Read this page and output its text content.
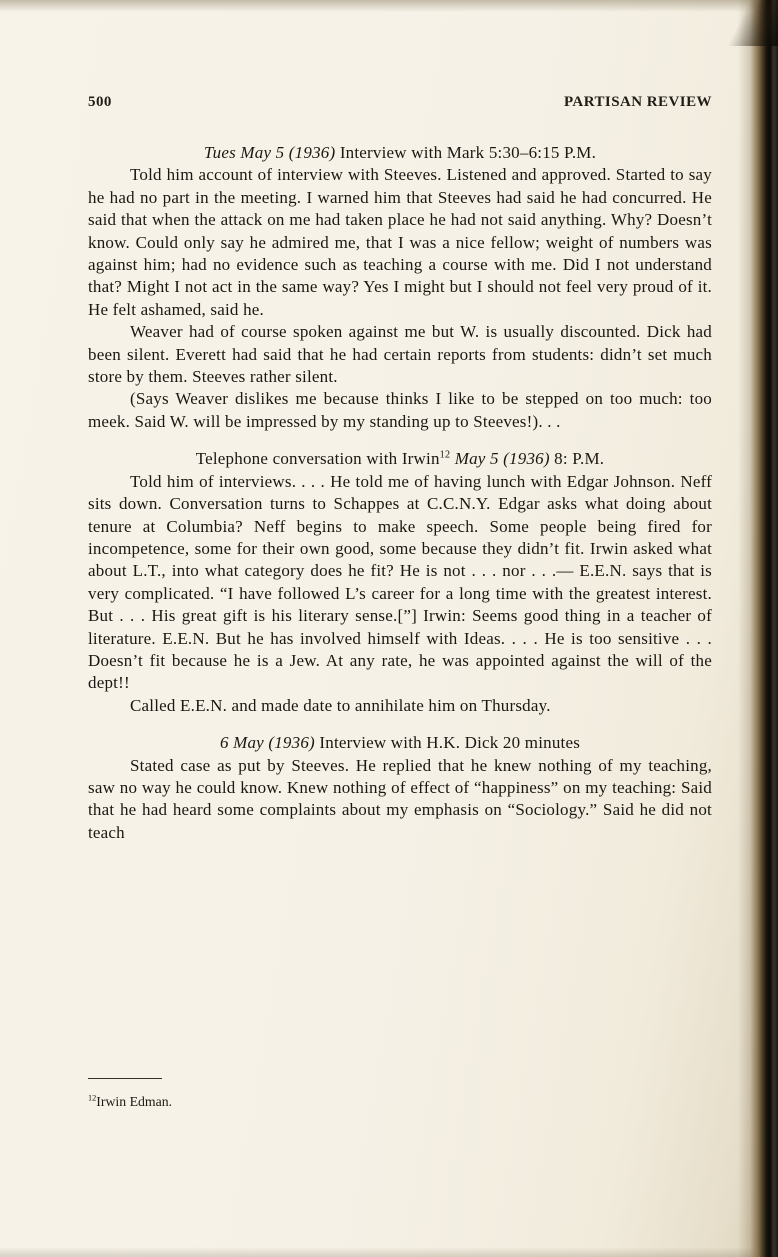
500	PARTISAN REVIEW

Tues May 5 (1936) Interview with Mark 5:30–6:15 P.M.

Told him account of interview with Steeves. Listened and approved. Started to say he had no part in the meeting. I warned him that Steeves had said he had concurred. He said that when the attack on me had taken place he had not said anything. Why? Doesn’t know. Could only say he admired me, that I was a nice fellow; weight of numbers was against him; had no evidence such as teaching a course with me. Did I not understand that? Might I not act in the same way? Yes I might but I should not feel very proud of it. He felt ashamed, said he.

Weaver had of course spoken against me but W. is usually discounted. Dick had been silent. Everett had said that he had certain reports from students: didn’t set much store by them. Steeves rather silent.

(Says Weaver dislikes me because thinks I like to be stepped on too much: too meek. Said W. will be impressed by my standing up to Steeves!). . .

Telephone conversation with Irwin$^{12}$ May 5 (1936) 8: P.M.

Told him of interviews. . . . He told me of having lunch with Edgar Johnson. Neff sits down. Conversation turns to Schappes at C.C.N.Y. Edgar asks what doing about tenure at Columbia? Neff begins to make speech. Some people being fired for incompetence, some for their own good, some because they didn’t fit. Irwin asked what about L.T., into what category does he fit? He is not . . . nor . . .— E.E.N. says that is very complicated. “I have followed L’s career for a long time with the greatest interest. But . . . His great gift is his literary sense.[”] Irwin: Seems good thing in a teacher of literature. E.E.N. But he has involved himself with Ideas. . . . He is too sensitive . . . Doesn’t fit because he is a Jew. At any rate, he was appointed against the will of the dept!!

Called E.E.N. and made date to annihilate him on Thursday.

6 May (1936) Interview with H.K. Dick 20 minutes

Stated case as put by Steeves. He replied that he knew nothing of my teaching, saw no way he could know. Knew nothing of effect of “happiness” on my teaching: Said that he had heard some complaints about my emphasis on “Sociology.” Said he did not teach

$^{12}$Irwin Edman.
